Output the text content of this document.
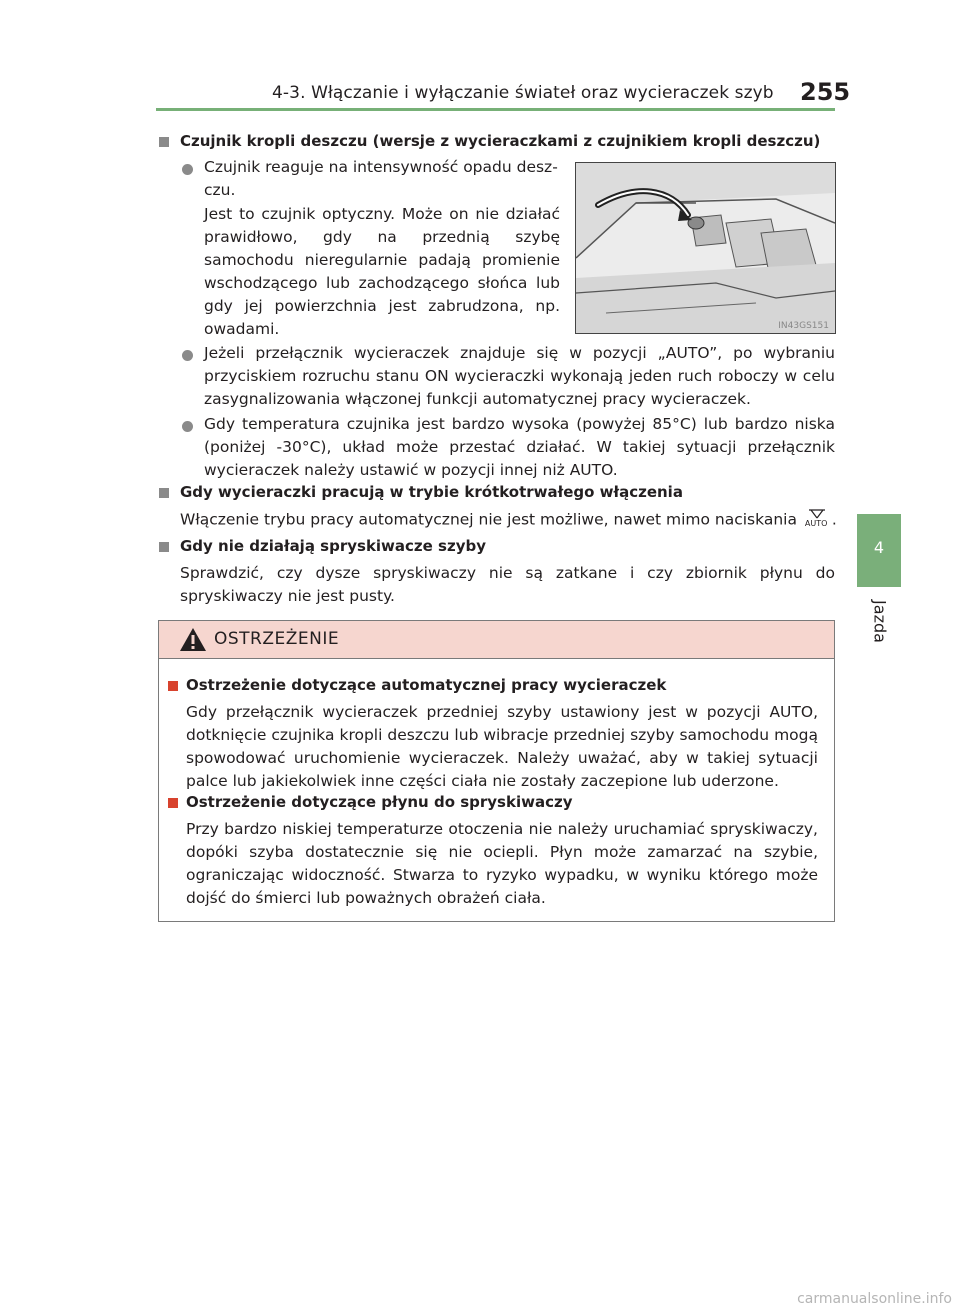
4-3. Włączanie i wyłączanie świateł oraz wycieraczek szyb 255
4
Jazda
Czujnik kropli deszczu (wersje z wycieraczkami z czujnikiem kropli deszczu)
Czujnik reaguje na intensywność opadu desz-
czu.
Jest to czujnik optyczny. Może on nie działać prawidłowo, gdy na przednią szybę samochodu nieregularnie padają promienie wschodzącego lub zachodzącego słońca lub gdy jej powierzchnia jest zabrudzona, np. owadami.	IN43GS151
Jeżeli przełącznik wycieraczek znajduje się w pozycji „AUTO”, po wybraniu przyciskiem rozruchu stanu ON wycieraczki wykonają jeden ruch roboczy w celu zasygnalizowania włączonej funkcji automatycznej pracy wycieraczek.
Gdy temperatura czujnika jest bardzo wysoka (powyżej 85°C) lub bardzo niska (poniżej -30°C), układ może przestać działać. W takiej sytuacji przełącznik wycieraczek należy ustawić w pozycji innej niż AUTO.
Gdy wycieraczki pracują w trybie krótkotrwałego włączenia
Włączenie trybu pracy automatycznej nie jest możliwe, nawet mimo naciskania AUTO .
Gdy nie działają spryskiwacze szyby
Sprawdzić, czy dysze spryskiwaczy nie są zatkane i czy zbiornik płynu do spryskiwaczy nie jest pusty.
OSTRZEŻENIE
Ostrzeżenie dotyczące automatycznej pracy wycieraczek
Gdy przełącznik wycieraczek przedniej szyby ustawiony jest w pozycji AUTO, dotknięcie czujnika kropli deszczu lub wibracje przedniej szyby samochodu mogą spowodować uruchomienie wycieraczek. Należy uważać, aby w takiej sytuacji palce lub jakiekolwiek inne części ciała nie zostały zaczepione lub uderzone.
Ostrzeżenie dotyczące płynu do spryskiwaczy
Przy bardzo niskiej temperaturze otoczenia nie należy uruchamiać spryskiwaczy, dopóki szyba dostatecznie się nie ociepli. Płyn może zamarzać na szybie, ograniczając widoczność. Stwarza to ryzyko wypadku, w wyniku którego może dojść do śmierci lub poważnych obrażeń ciała.
carmanualsonline.info
